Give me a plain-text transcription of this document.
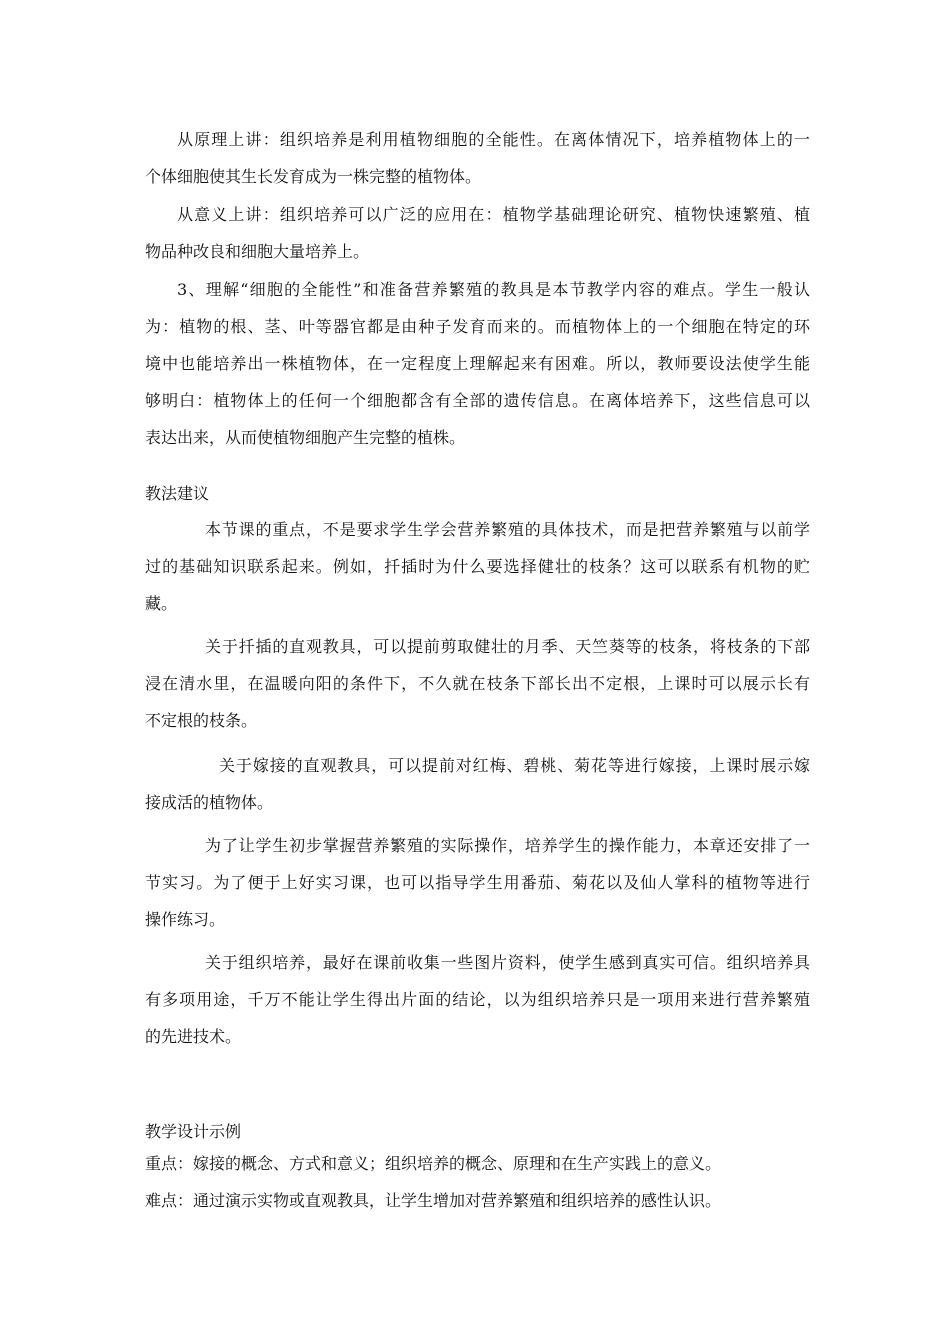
从原理上讲：组织培养是利用植物细胞的全能性。在离体情况下，培养植物体上的一
个体细胞使其生长发育成为一株完整的植物体。
从意义上讲：组织培养可以广泛的应用在：植物学基础理论研究、植物快速繁殖、植
物品种改良和细胞大量培养上。
3、理解“细胞的全能性”和准备营养繁殖的教具是本节教学内容的难点。学生一般认
为：植物的根、茎、叶等器官都是由种子发育而来的。而植物体上的一个细胞在特定的环
境中也能培养出一株植物体，在一定程度上理解起来有困难。所以，教师要设法使学生能
够明白：植物体上的任何一个细胞都含有全部的遗传信息。在离体培养下，这些信息可以
表达出来，从而使植物细胞产生完整的植株。
教法建议
本节课的重点，不是要求学生学会营养繁殖的具体技术，而是把营养繁殖与以前学
过的基础知识联系起来。例如，扦插时为什么要选择健壮的枝条？这可以联系有机物的贮
藏。
关于扦插的直观教具，可以提前剪取健壮的月季、天竺葵等的枝条，将枝条的下部
浸在清水里，在温暖向阳的条件下，不久就在枝条下部长出不定根，上课时可以展示长有
不定根的枝条。
关于嫁接的直观教具，可以提前对红梅、碧桃、菊花等进行嫁接，上课时展示嫁
接成活的植物体。
为了让学生初步掌握营养繁殖的实际操作，培养学生的操作能力，本章还安排了一
节实习。为了便于上好实习课，也可以指导学生用番茄、菊花以及仙人掌科的植物等进行
操作练习。
关于组织培养，最好在课前收集一些图片资料，使学生感到真实可信。组织培养具
有多项用途，千万不能让学生得出片面的结论，以为组织培养只是一项用来进行营养繁殖
的先进技术。
教学设计示例
重点：嫁接的概念、方式和意义；组织培养的概念、原理和在生产实践上的意义。
难点：通过演示实物或直观教具，让学生增加对营养繁殖和组织培养的感性认识。
